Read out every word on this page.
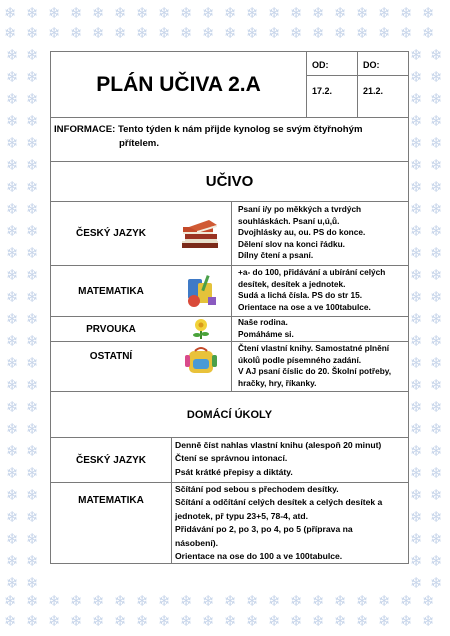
❄
❄
❄
❄
❄
❄
❄
❄
❄
❄
❄
❄
❄
❄
❄
❄
❄
❄
❄
❄
❄
❄
❄
❄
❄
❄
❄
❄
❄
❄
❄
❄
❄
❄
❄
❄
❄
❄
❄
❄
❄
❄
❄
❄
❄
❄
❄
❄
❄
❄
❄
❄
❄
❄
❄
❄
❄
❄
❄
❄
❄
❄
❄
❄
❄
❄
❄
❄
❄
❄
❄
❄
❄
❄
❄
❄
❄
❄
❄
❄
❄ ❄	❄
❄
❄ ❄	❄
❄
❄ ❄	❄
❄
❄ ❄	❄
❄
❄ ❄	❄
❄
❄ ❄	❄
❄
❄ ❄	❄
❄
❄ ❄	❄
❄
❄ ❄	❄
❄
❄ ❄	❄
❄
❄ ❄	❄
❄
❄ ❄	❄
❄
❄ ❄	❄
❄
❄ ❄	❄
❄
❄ ❄	❄
❄
❄ ❄	❄
❄
❄ ❄	❄
❄
❄ ❄	❄
❄
❄ ❄	❄
❄
❄ ❄	❄
❄
❄ ❄	❄
❄
❄ ❄	❄
❄
❄ ❄	❄
❄
❄ ❄	❄
❄
❄ ❄	❄
❄
PLÁN UČIVA 2.A
OD:
17.2.
DO:
21.2.
INFORMACE: Tento týden k nám přijde kynolog se svým čtyřnohým
přítelem.
UČIVO
ČESKÝ JAZYK
Psaní i/y po měkkých a tvrdých
souhláskách. Psaní u,ú,ů.
Dvojhlásky au, ou. PS do konce.
Dělení slov na konci řádku.
Dílny čtení a psaní.
MATEMATIKA
+a- do 100, přidávání a ubírání celých
desítek, desítek a jednotek.
Sudá a lichá čísla. PS do str 15.
Orientace na ose a ve 100tabulce.
PRVOUKA
Naše rodina.
Pomáháme si.
OSTATNÍ
Čtení vlastní knihy. Samostatné plnění
úkolů podle písemného zadání.
V AJ psaní číslic do 20. Školní potřeby,
hračky, hry, říkanky.
DOMÁCÍ ÚKOLY
ČESKÝ JAZYK
Denně číst nahlas vlastní knihu (alespoň 20 minut)
Čtení se správnou intonací.
Psát krátké přepisy a diktáty.
MATEMATIKA
Sčítání pod sebou s přechodem desítky.
Sčítání a odčítání celých desítek a celých desítek a
jednotek, př typu 23+5, 78-4, atd.
Přidávání po 2, po 3, po 4, po 5 (příprava na
násobení).
Orientace na ose do 100 a ve 100tabulce.
